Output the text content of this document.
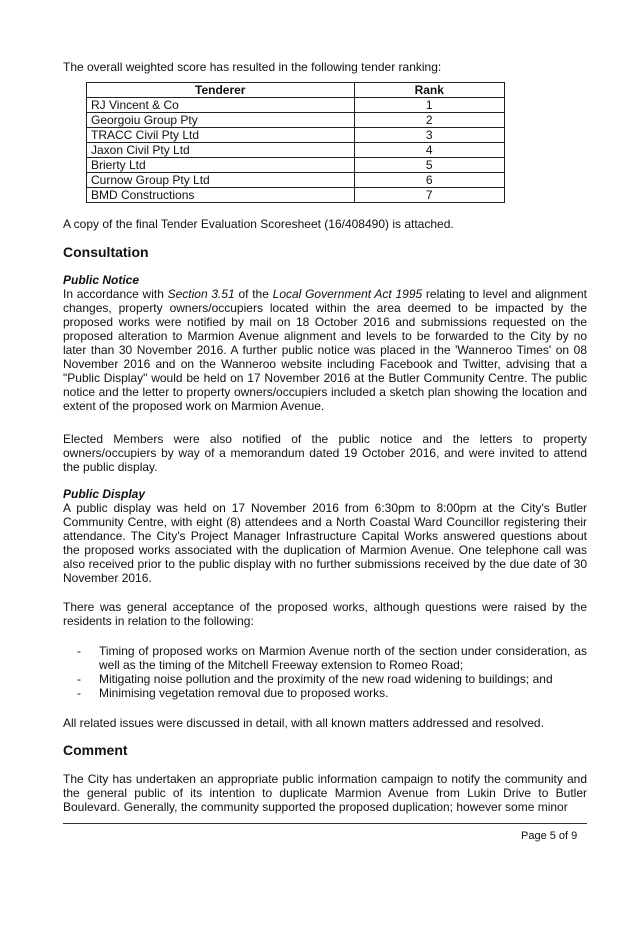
The overall weighted score has resulted in the following tender ranking:

Tenderer	Rank
RJ Vincent & Co	1
Georgoiu Group Pty	2
TRACC Civil Pty Ltd	3
Jaxon Civil Pty Ltd	4
Brierty Ltd	5
Curnow Group Pty Ltd	6
BMD Constructions	7

A copy of the final Tender Evaluation Scoresheet (16/408490) is attached.

Consultation
Public Notice

In accordance with Section 3.51 of the Local Government Act 1995 relating to level and alignment changes, property owners/occupiers located within the area deemed to be impacted by the proposed works were notified by mail on 18 October 2016 and submissions requested on the proposed alteration to Marmion Avenue alignment and levels to be forwarded to the City by no later than 30 November 2016. A further public notice was placed in the 'Wanneroo Times' on 08 November 2016 and on the Wanneroo website including Facebook and Twitter, advising that a "Public Display" would be held on 17 November 2016 at the Butler Community Centre. The public notice and the letter to property owners/occupiers included a sketch plan showing the location and extent of the proposed work on Marmion Avenue.

Elected Members were also notified of the public notice and the letters to property owners/occupiers by way of a memorandum dated 19 October 2016, and were invited to attend the public display.

Public Display

A public display was held on 17 November 2016 from 6:30pm to 8:00pm at the City's Butler Community Centre, with eight (8) attendees and a North Coastal Ward Councillor registering their attendance. The City's Project Manager Infrastructure Capital Works answered questions about the proposed works associated with the duplication of Marmion Avenue. One telephone call was also received prior to the public display with no further submissions received by the due date of 30 November 2016.

There was general acceptance of the proposed works, although questions were raised by the residents in relation to the following:

- Timing of proposed works on Marmion Avenue north of the section under consideration, as well as the timing of the Mitchell Freeway extension to Romeo Road;
- Mitigating noise pollution and the proximity of the new road widening to buildings; and
- Minimising vegetation removal due to proposed works.

All related issues were discussed in detail, with all known matters addressed and resolved.

Comment

The City has undertaken an appropriate public information campaign to notify the community and the general public of its intention to duplicate Marmion Avenue from Lukin Drive to Butler Boulevard. Generally, the community supported the proposed duplication; however some minor

Page 5 of 9
